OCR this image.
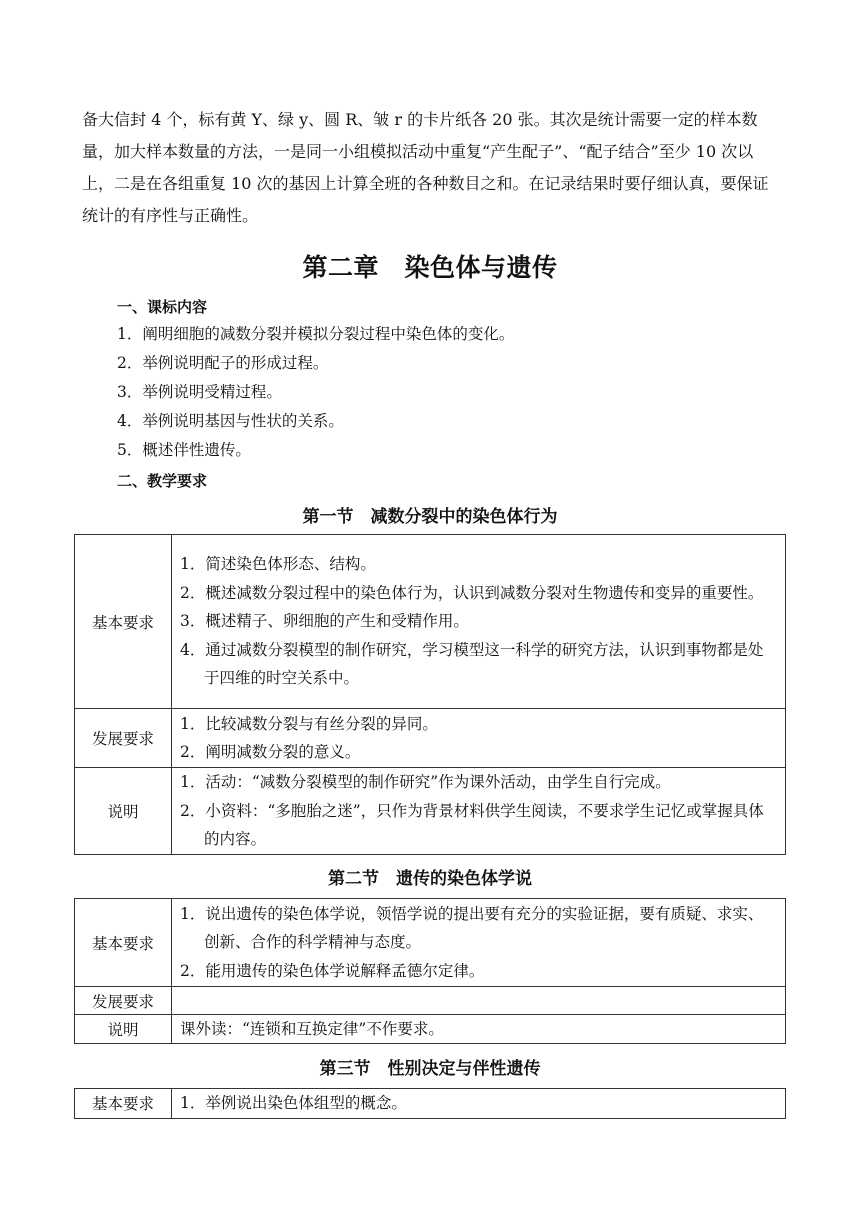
备大信封 4 个，标有黄 Y、绿 y、圆 R、皱 r 的卡片纸各 20 张。其次是统计需要一定的样本数量，加大样本数量的方法，一是同一小组模拟活动中重复“产生配子”、“配子结合”至少 10 次以上，二是在各组重复 10 次的基因上计算全班的各种数目之和。在记录结果时要仔细认真，要保证统计的有序性与正确性。

第二章　染色体与遗传
一、课标内容
1．阐明细胞的减数分裂并模拟分裂过程中染色体的变化。
2．举例说明配子的形成过程。
3．举例说明受精过程。
4．举例说明基因与性状的关系。
5．概述伴性遗传。
二、教学要求
第一节　减数分裂中的染色体行为
基本要求	1．简述染色体形态、结构。

2．概述减数分裂过程中的染色体行为，认识到减数分裂对生物遗传和变异的重要性。

3．概述精子、卵细胞的产生和受精作用。

4．通过减数分裂模型的制作研究，学习模型这一科学的研究方法，认识到事物都是处于四维的时空关系中。

发展要求	1．比较减数分裂与有丝分裂的异同。

2．阐明减数分裂的意义。

说明	1．活动：“减数分裂模型的制作研究”作为课外活动，由学生自行完成。

2．小资料：“多胞胎之迷”，只作为背景材料供学生阅读，不要求学生记忆或掌握具体的内容。

第二节　遗传的染色体学说
基本要求	1．说出遗传的染色体学说，领悟学说的提出要有充分的实验证据，要有质疑、求实、创新、合作的科学精神与态度。

2．能用遗传的染色体学说解释孟德尔定律。

发展要求	
说明	课外读：“连锁和互换定律”不作要求。

第三节　性别决定与伴性遗传
基本要求	1．举例说出染色体组型的概念。
